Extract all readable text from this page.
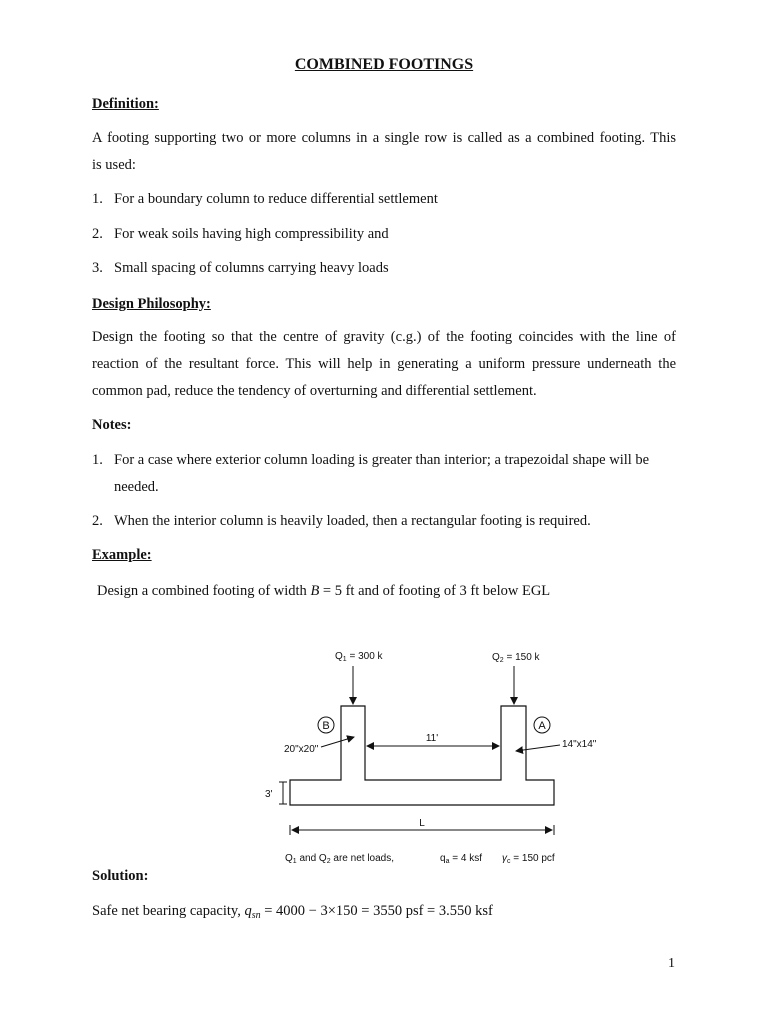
COMBINED FOOTINGS

Definition:

A footing supporting two or more columns in a single row is called as a combined footing. This

is used:

1. For a boundary column to reduce differential settlement

2. For weak soils having high compressibility and

3. Small spacing of columns carrying heavy loads

Design Philosophy:

Design the footing so that the centre of gravity (c.g.) of the footing coincides with the line of

reaction of the resultant force. This will help in generating a uniform pressure underneath the

common pad, reduce the tendency of overturning and differential settlement.

Notes:

1. For a case where exterior column loading is greater than interior; a trapezoidal shape will be

needed.

2. When the interior column is heavily loaded, then a rectangular footing is required.

Example:

Design a combined footing of width B = 5 ft and of footing of 3 ft below EGL

$Q_1 = 300$ k	$Q_2 = 150$ k
B	A
20"x20"	14"x14"
11'
3'
L
$Q_1$ and $Q_2$ are net loads,	$q_a = 4$ ksf $\gamma_c = 150$ pcf

Solution:

Safe net bearing capacity, $q_{sn} = 4000 - 3\times 150 = 3550$ psf = 3.550 ksf

1
